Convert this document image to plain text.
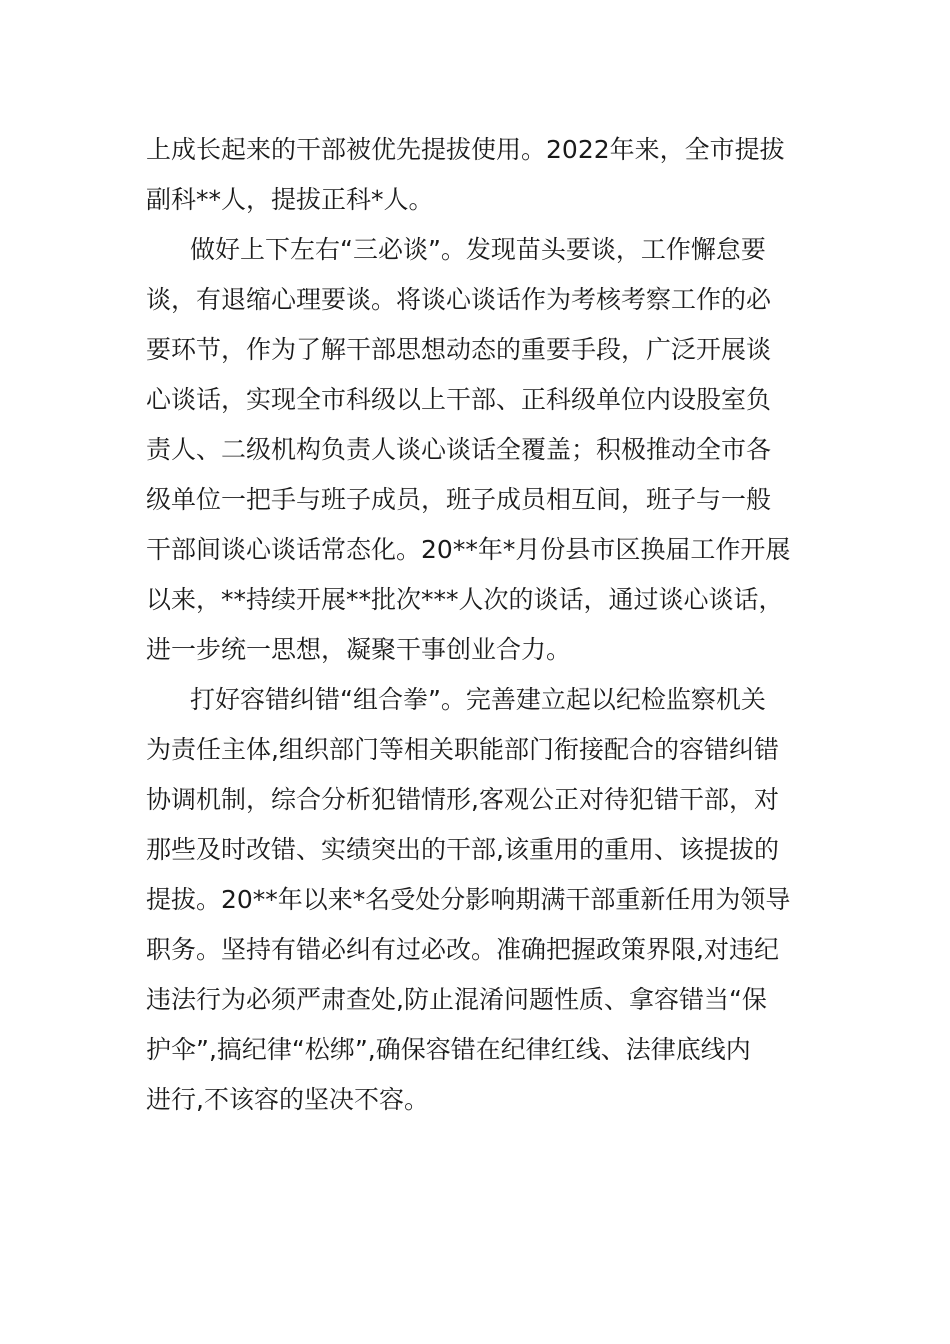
上成长起来的干部被优先提拔使用。2022年来，全市提拔
副科**人，提拔正科*人。
做好上下左右“三必谈”。发现苗头要谈，工作懈怠要
谈，有退缩心理要谈。将谈心谈话作为考核考察工作的必
要环节，作为了解干部思想动态的重要手段，广泛开展谈
心谈话，实现全市科级以上干部、正科级单位内设股室负
责人、二级机构负责人谈心谈话全覆盖；积极推动全市各
级单位一把手与班子成员，班子成员相互间，班子与一般
干部间谈心谈话常态化。20**年*月份县市区换届工作开展
以来，**持续开展**批次***人次的谈话，通过谈心谈话，
进一步统一思想，凝聚干事创业合力。
打好容错纠错“组合拳”。完善建立起以纪检监察机关
为责任主体,组织部门等相关职能部门衔接配合的容错纠错
协调机制，综合分析犯错情形,客观公正对待犯错干部，对
那些及时改错、实绩突出的干部,该重用的重用、该提拔的
提拔。20**年以来*名受处分影响期满干部重新任用为领导
职务。坚持有错必纠有过必改。准确把握政策界限,对违纪
违法行为必须严肃查处,防止混淆问题性质、拿容错当“保
护伞”,搞纪律“松绑”,确保容错在纪律红线、法律底线内
进行,不该容的坚决不容。
